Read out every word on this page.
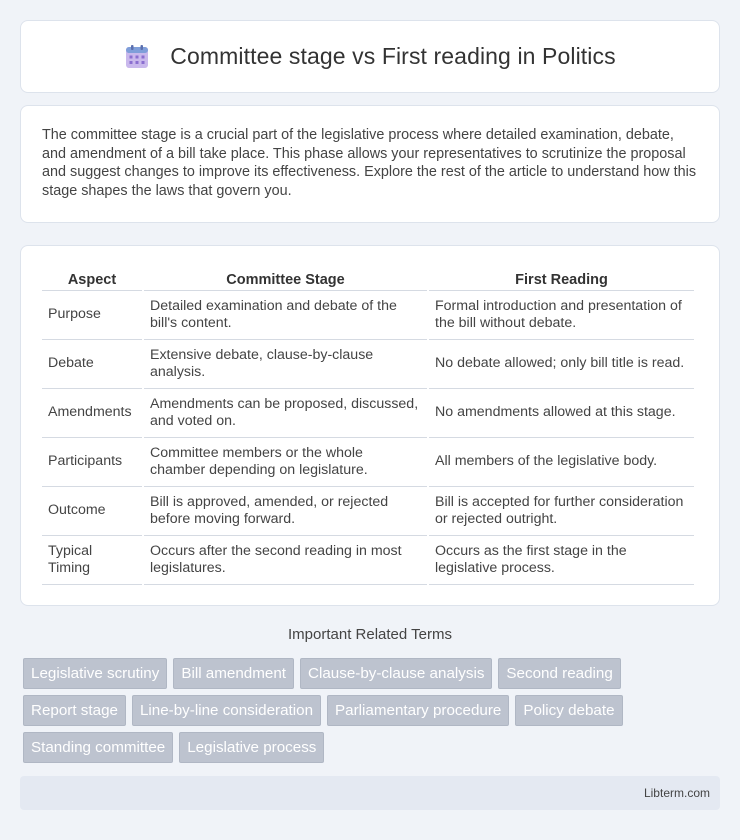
Committee stage vs First reading in Politics

The committee stage is a crucial part of the legislative process where detailed examination, debate, and amendment of a bill take place. This phase allows your representatives to scrutinize the proposal and suggest changes to improve its effectiveness. Explore the rest of the article to understand how this stage shapes the laws that govern you.

Aspect	Committee Stage	First Reading
Purpose	Detailed examination and debate of the bill's content.	Formal introduction and presentation of the bill without debate.
Debate	Extensive debate, clause-by-clause analysis.	No debate allowed; only bill title is read.
Amendments	Amendments can be proposed, discussed, and voted on.	No amendments allowed at this stage.
Participants	Committee members or the whole chamber depending on legislature.	All members of the legislative body.
Outcome	Bill is approved, amended, or rejected before moving forward.	Bill is accepted for further consideration or rejected outright.
Typical Timing	Occurs after the second reading in most legislatures.	Occurs as the first stage in the legislative process.
Important Related Terms
Legislative scrutiny	Bill amendment	Clause-by-clause analysis	Second reading
Report stage	Line-by-line consideration	Parliamentary procedure	Policy debate
Standing committee	Legislative process
Libterm.com
